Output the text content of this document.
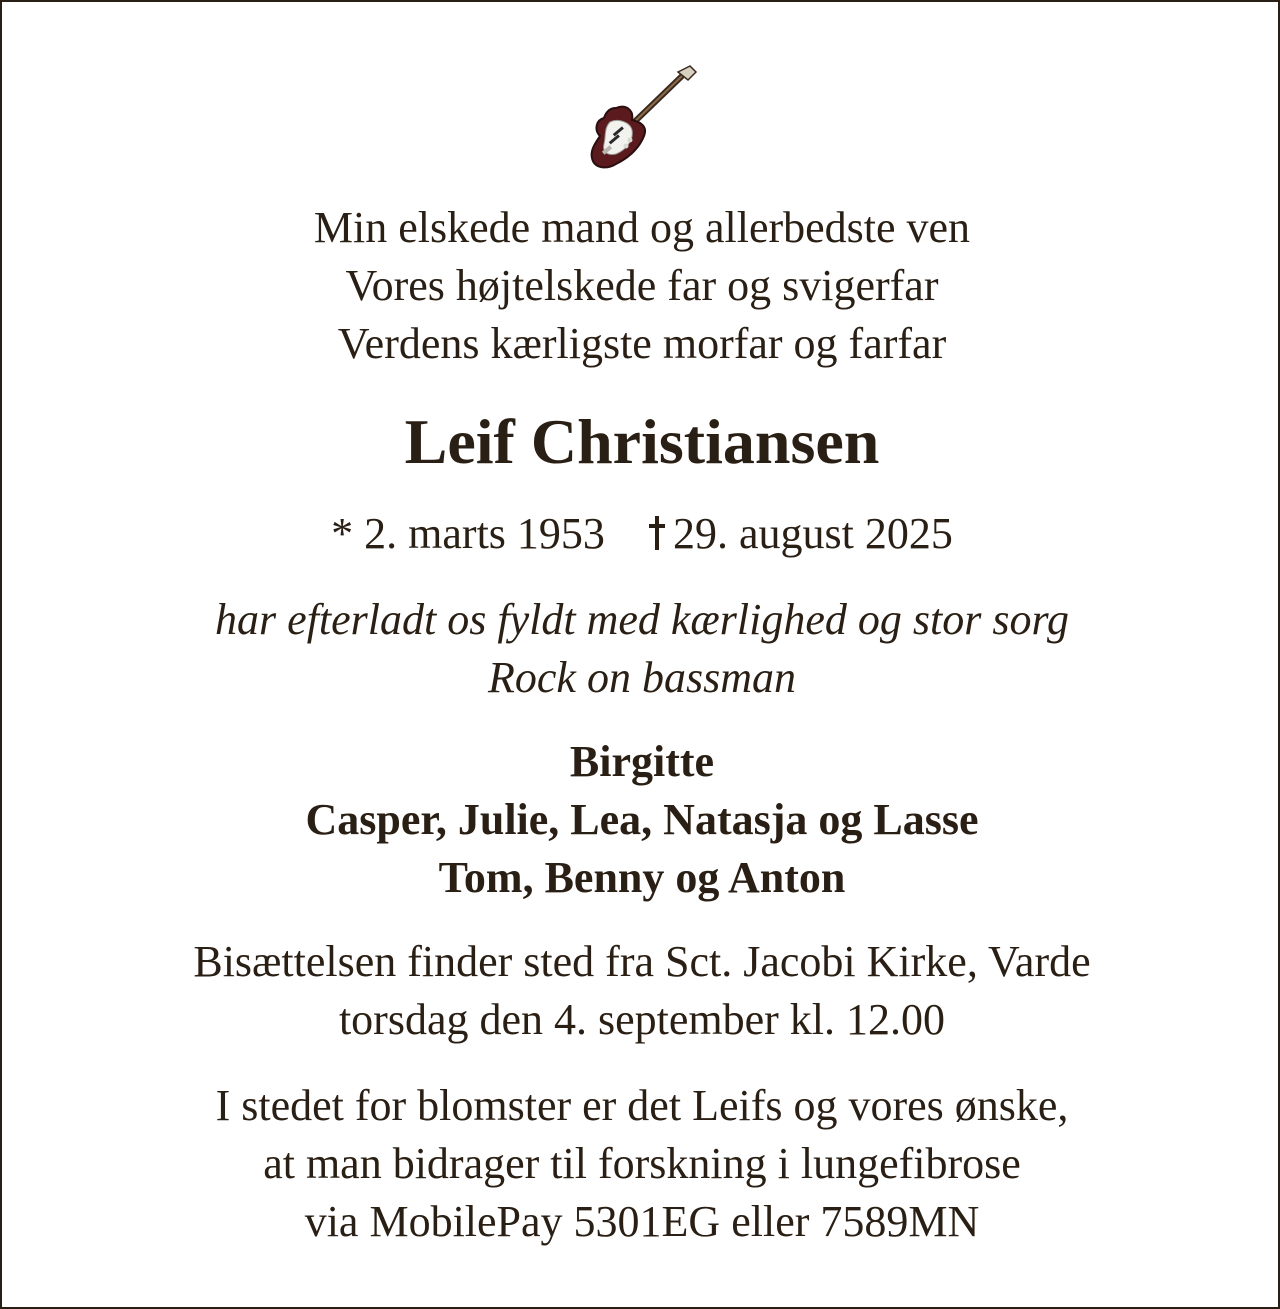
Min elskede mand og allerbedste ven
Vores højtelskede far og svigerfar
Verdens kærligste morfar og farfar
Leif Christiansen
* 2. marts 1953 29. august 2025
har efterladt os fyldt med kærlighed og stor sorg
Rock on bassman
Birgitte
Casper, Julie, Lea, Natasja og Lasse
Tom, Benny og Anton
Bisættelsen finder sted fra Sct. Jacobi Kirke, Varde
torsdag den 4. september kl. 12.00
I stedet for blomster er det Leifs og vores ønske,
at man bidrager til forskning i lungefibrose
via MobilePay 5301EG eller 7589MN
